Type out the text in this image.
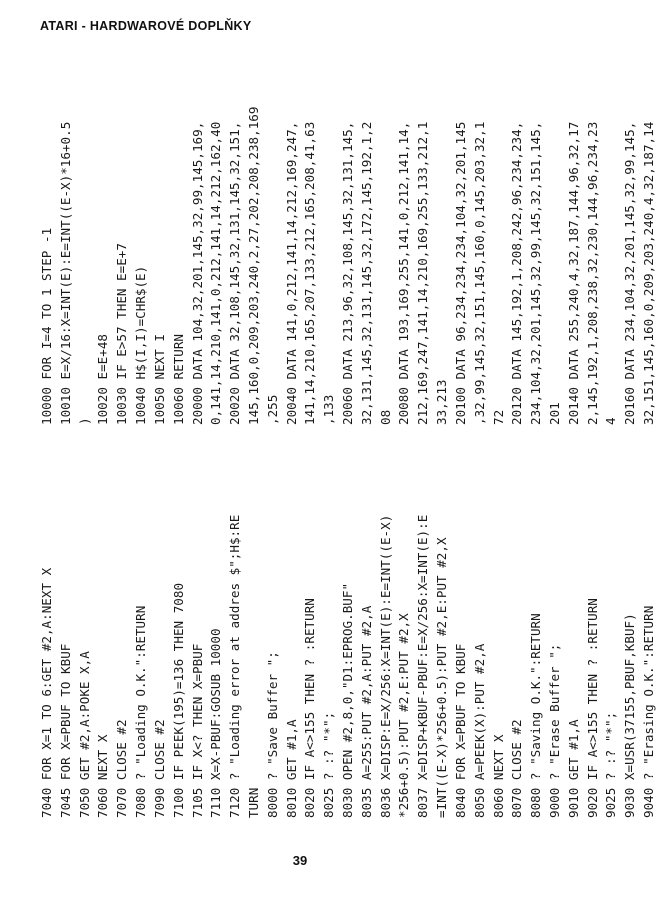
ATARI - HARDWAROVÉ DOPLŇKY
7040 FOR X=1 TO 6:GET #2,A:NEXT X 7045 FOR X=PBUF TO KBUF 7050 GET #2,A:POKE X,A 7060 NEXT X 7070 CLOSE #2 7080 ? "Loading O.K.":RETURN 7090 CLOSE #2 7100 IF PEEK(195)=136 THEN 7080 7105 IF X<? THEN X=PBUF 7110 X=X-PBUF:GOSUB 10000 7120 ? "Loading error at addres $";H$:RE TURN 8000 ? "Save Buffer "; 8010 GET #1,A 8020 IF A<>155 THEN ? :RETURN 8025 ? :? "*"; 8030 OPEN #2,8,0,"D1:EPROG.BUF" 8035 A=255:PUT #2,A:PUT #2,A 8036 X=DISP:E=X/256:X=INT(E):E=INT((E-X) *256+0.5):PUT #2,E:PUT #2,X 8037 X=DISP+KBUF-PBUF:E=X/256:X=INT(E):E =INT((E-X)*256+0.5):PUT #2,E:PUT #2,X 8040 FOR X=PBUF TO KBUF 8050 A=PEEK(X):PUT #2,A 8060 NEXT X 8070 CLOSE #2 8080 ? "Saving O.K.":RETURN 9000 ? "Erase Buffer "; 9010 GET #1,A 9020 IF A<>155 THEN ? :RETURN 9025 ? :? "*"; 9030 X=USR(37155,PBUF,KBUF) 9040 ? "Erasing O.K.":RETURN
10000 FOR I=4 TO 1 STEP -1 10010 E=X/16:X=INT(E):E=INT((E-X)*16+0.5 ) 10020 E=E+48 10030 IF E>57 THEN E=E+7 10040 H$(I,I)=CHR$(E) 10050 NEXT I 10060 RETURN 20000 DATA 104,32,201,145,32,99,145,169, 0,141,14,210,141,0,212,141,14,212,162,40 20020 DATA 32,108,145,32,131,145,32,151, 145,160,0,209,203,240,2,27,202,208,238,169 ,255 20040 DATA 141,0,212,141,14,212,169,247, 141,14,210,165,207,133,212,165,208,41,63 ,133 20060 DATA 213,96,32,108,145,32,131,145, 32,131,145,32,131,145,32,172,145,192,1,2 08 20080 DATA 193,169,255,141,0,212,141,14, 212,169,247,141,14,210,169,255,133,212,1 33,213 20100 DATA 96,234,234,234,104,32,201,145 ,32,99,145,32,151,145,160,0,145,203,32,1 72 20120 DATA 145,192,1,208,242,96,234,234, 234,104,32,201,145,32,99,145,32,151,145, 201 20140 DATA 255,240,4,32,187,144,96,32,17 2,145,192,1,208,238,32,230,144,96,234,23 4 20160 DATA 234,104,32,201,145,32,99,145, 32,151,145,160,0,209,203,240,4,32,187,14
39
